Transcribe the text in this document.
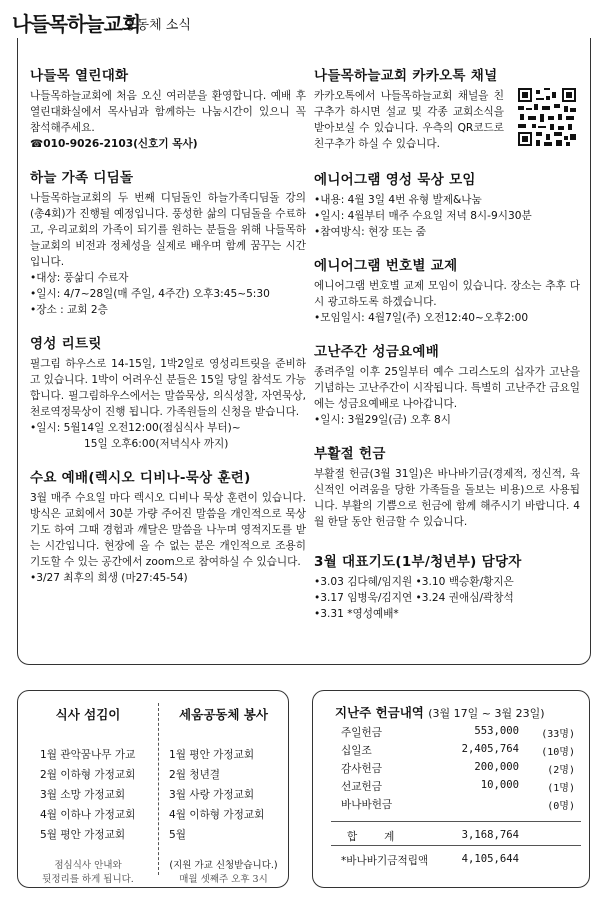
나들목하늘교회
공동체 소식
나들목 열린대화

나들목하늘교회에 처음 오신 여러분을 환영합니다. 예배 후 열린대화실에서 목사님과 함께하는 나눔시간이 있으니 꼭 참석해주세요.

☎010-9026-2103(신호기 목사)
하늘 가족 디딤돌

나들목하늘교회의 두 번째 디딤돌인 하늘가족디딤돌 강의(총4회)가 진행될 예정입니다. 풍성한 삶의 디딤돌을 수료하고, 우리교회의 가족이 되기를 원하는 분들을 위해 나들목하늘교회의 비전과 정체성을 실제로 배우며 함께 꿈꾸는 시간입니다.

•대상: 풍삶디 수료자
•일시: 4/7~28일(매 주일, 4주간) 오후3:45~5:30
•장소 : 교회 2층
영성 리트릿

필그림 하우스로 14-15일, 1박2일로 영성리트릿을 준비하고 있습니다. 1박이 어려우신 분들은 15일 당일 참석도 가능합니다. 필그림하우스에서는 말씀묵상, 의식성찰, 자연묵상, 천로역정묵상이 진행 됩니다. 가족원들의 신청을 받습니다.

•일시: 5월14일 오전12:00(점심식사 부터)~
15일 오후6:00(저녁식사 까지)
수요 예배(렉시오 디비나-묵상 훈련)

3월 매주 수요일 마다 렉시오 디비나 묵상 훈련이 있습니다. 방식은 교회에서 30분 가량 주어진 말씀을 개인적으로 묵상기도 하여 그때 경험과 깨달은 말씀을 나누며 영적지도를 받는 시간입니다. 현장에 올 수 없는 분은 개인적으로 조용히 기도할 수 있는 공간에서 zoom으로 참여하실 수 있습니다.

•3/27 최후의 희생 (마27:45-54)
나들목하늘교회 카카오톡 채널

카카오톡에서 나들목하늘교회 채널을 친구추가 하시면 설교 및 각종 교회소식을 받아보실 수 있습니다. 우측의 QR코드로 친구추가 하실 수 있습니다.

에니어그램 영성 묵상 모임
•내용: 4월 3일 4번 유형 발제&나눔
•일시: 4월부터 매주 수요일 저녁 8시-9시30분
•참여방식: 현장 또는 줌
에니어그램 번호별 교제

에니어그램 번호별 교제 모임이 있습니다. 장소는 추후 다시 광고하도록 하겠습니다.

•모임일시: 4월7일(주) 오전12:40~오후2:00
고난주간 성금요예배

종려주일 이후 25일부터 예수 그리스도의 십자가 고난을 기념하는 고난주간이 시작됩니다. 특별히 고난주간 금요일에는 성금요예배로 나아갑니다.

•일시: 3월29일(금) 오후 8시
부활절 헌금

부활절 헌금(3월 31일)은 바나바기금(경제적, 정신적, 육신적인 어려움을 당한 가족들을 돌보는 비용)으로 사용됩니다. 부활의 기쁨으로 헌금에 함께 해주시기 바랍니다. 4월 한달 동안 헌금할 수 있습니다.

3월 대표기도(1부/청년부) 담당자
•3.03 김다혜/임지원 •3.10 백승환/황지은
•3.17 임병욱/김지연 •3.24 권애심/곽창석
•3.31 *영성예배*
식사 섬김이
1월 관악꿈나무 가교
2월 이하형 가정교회
3월 소망 가정교회
4월 이하나 가정교회
5월 평안 가정교회
점심식사 안내와
뒷정리를 하게 됩니다.
세움공동체 봉사
1월 평안 가정교회
2월 청년결
3월 사랑 가정교회
4월 이하형 가정교회
5월
(지원 가교 신청받습니다.)
매월 셋째주 오후 3시
지난주 헌금내역 (3월 17일 ~ 3월 23일)
주일헌금	553,000 (33명)
십일조	2,405,764 (10명)
감사헌금	200,000	(2명)
선교헌금	10,000	(1명)
바나바헌금	(0명)
합        계	3,168,764
*바나바기금적립액	4,105,644
